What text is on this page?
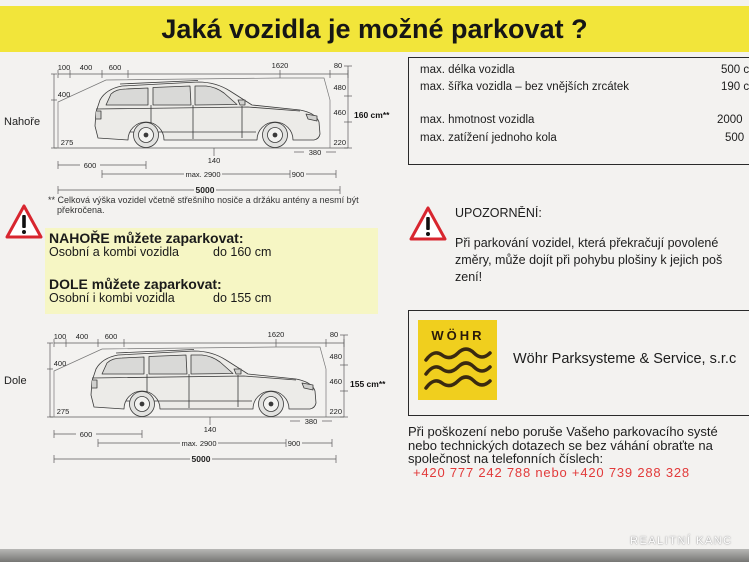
Jaká vozidla je možné parkovat ?
Nahoře
100 400 600	1620	80
400
480
460
275	220
600
140
380
max. 2900	900
5000
160 cm**
** Celková výška vozidel včetně střešního nosiče a držáku antény a nesmí být
překročena.
NAHOŘE můžete zaparkovat:
Osobní a kombi vozidla	do 160 cm
DOLE můžete zaparkovat:
Osobní i kombi vozidla	do 155 cm
Dole
100 400 600	1620	80
400
480
460
275	220
600
140
380
max. 2900	900
5000
155 cm**
max. délka vozidla	500 c
max. šířka vozidla – bez vnějších zrcátek	190 c
max. hmotnost vozidla	2000
max. zatížení jednoho kola	500
UPOZORNĚNÍ:
Při parkování vozidel, která překračují povolené
změry, může dojít při pohybu plošiny k jejich poš
zení!
WÖHR
Wöhr Parksysteme & Service, s.r.c
Při poškození nebo poruše Vašeho parkovacího systé
nebo technických dotazech se bez váhání obraťte na
společnost na telefonních číslech:
+420 777 242 788 nebo +420 739 288 328
REALITNÍ KANC
